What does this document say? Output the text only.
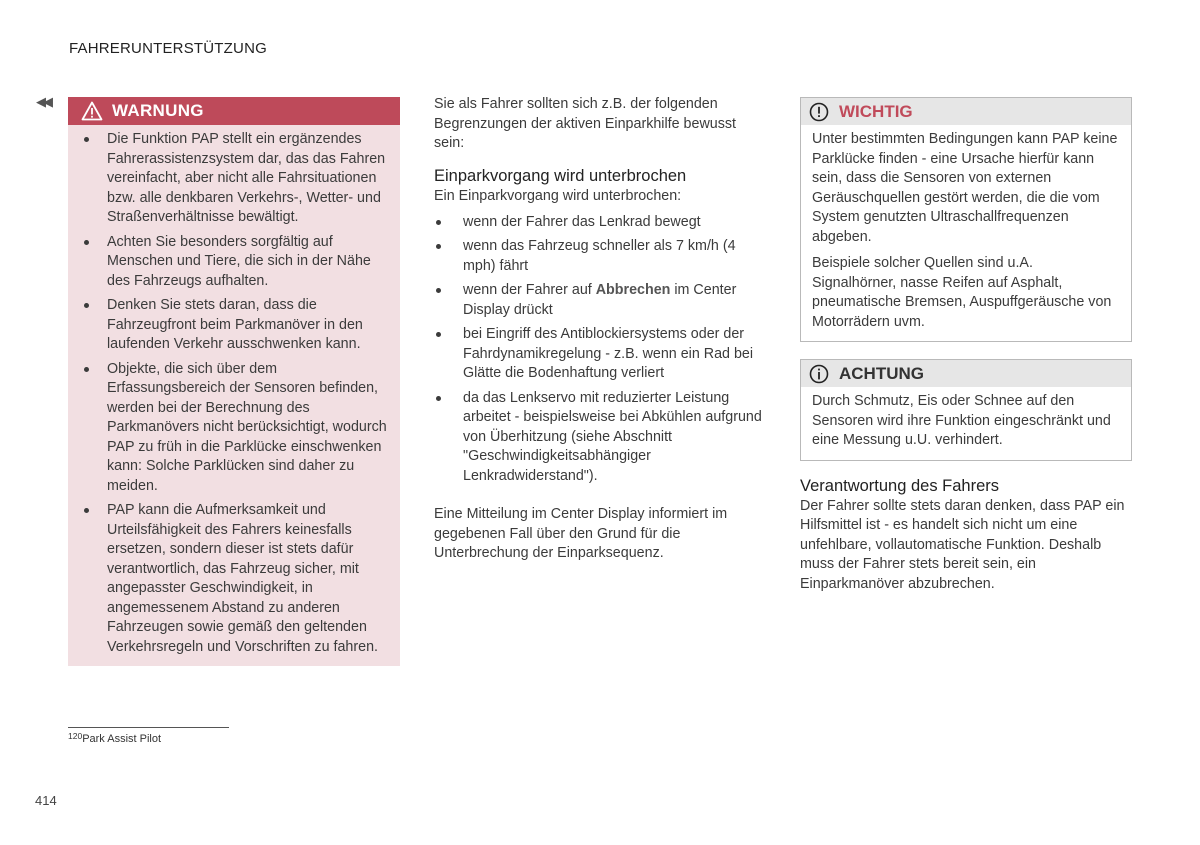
FAHRERUNTERSTÜTZUNG
◀◀	WARNUNG
Die Funktion PAP stellt ein ergänzendes Fahrerassistenzsystem dar, das das Fahren vereinfacht, aber nicht alle Fahrsituationen bzw. alle denkbaren Verkehrs-, Wetter- und Straßenverhältnisse bewältigt.
Achten Sie besonders sorgfältig auf Menschen und Tiere, die sich in der Nähe des Fahrzeugs aufhalten.
Denken Sie stets daran, dass die Fahrzeugfront beim Parkmanöver in den laufenden Verkehr ausschwenken kann.
Objekte, die sich über dem Erfassungsbereich der Sensoren befinden, werden bei der Berechnung des Parkmanövers nicht berücksichtigt, wodurch PAP zu früh in die Parklücke einschwenken kann: Solche Parklücken sind daher zu meiden.
PAP kann die Aufmerksamkeit und Urteilsfähigkeit des Fahrers keinesfalls ersetzen, sondern dieser ist stets dafür verantwortlich, das Fahrzeug sicher, mit angepasster Geschwindigkeit, in angemessenem Abstand zu anderen Fahrzeugen sowie gemäß den geltenden Verkehrsregeln und Vorschriften zu fahren.

Sie als Fahrer sollten sich z.B. der folgenden Begrenzungen der aktiven Einparkhilfe bewusst sein:

Einparkvorgang wird unterbrochen

Ein Einparkvorgang wird unterbrochen:

wenn der Fahrer das Lenkrad bewegt
wenn das Fahrzeug schneller als 7 km/h (4 mph) fährt
wenn der Fahrer auf Abbrechen im Center Display drückt
bei Eingriff des Antiblockiersystems oder der Fahrdynamikregelung - z.B. wenn ein Rad bei Glätte die Bodenhaftung verliert
da das Lenkservo mit reduzierter Leistung arbeitet - beispielsweise bei Abkühlen aufgrund von Überhitzung (siehe Abschnitt "Geschwindigkeitsabhängiger Lenkradwiderstand").

Eine Mitteilung im Center Display informiert im gegebenen Fall über den Grund für die Unterbrechung der Einparksequenz.

WICHTIG

Unter bestimmten Bedingungen kann PAP keine Parklücke finden - eine Ursache hierfür kann sein, dass die Sensoren von externen Geräuschquellen gestört werden, die die vom System genutzten Ultraschallfrequenzen abgeben.

Beispiele solcher Quellen sind u.A. Signalhörner, nasse Reifen auf Asphalt, pneumatische Bremsen, Auspuffgeräusche von Motorrädern uvm.

ACHTUNG

Durch Schmutz, Eis oder Schnee auf den Sensoren wird ihre Funktion eingeschränkt und eine Messung u.U. verhindert.

Verantwortung des Fahrers

Der Fahrer sollte stets daran denken, dass PAP ein Hilfsmittel ist - es handelt sich nicht um eine unfehlbare, vollautomatische Funktion. Deshalb muss der Fahrer stets bereit sein, ein Einparkmanöver abzubrechen.

$^{120}$Park Assist Pilot
414
